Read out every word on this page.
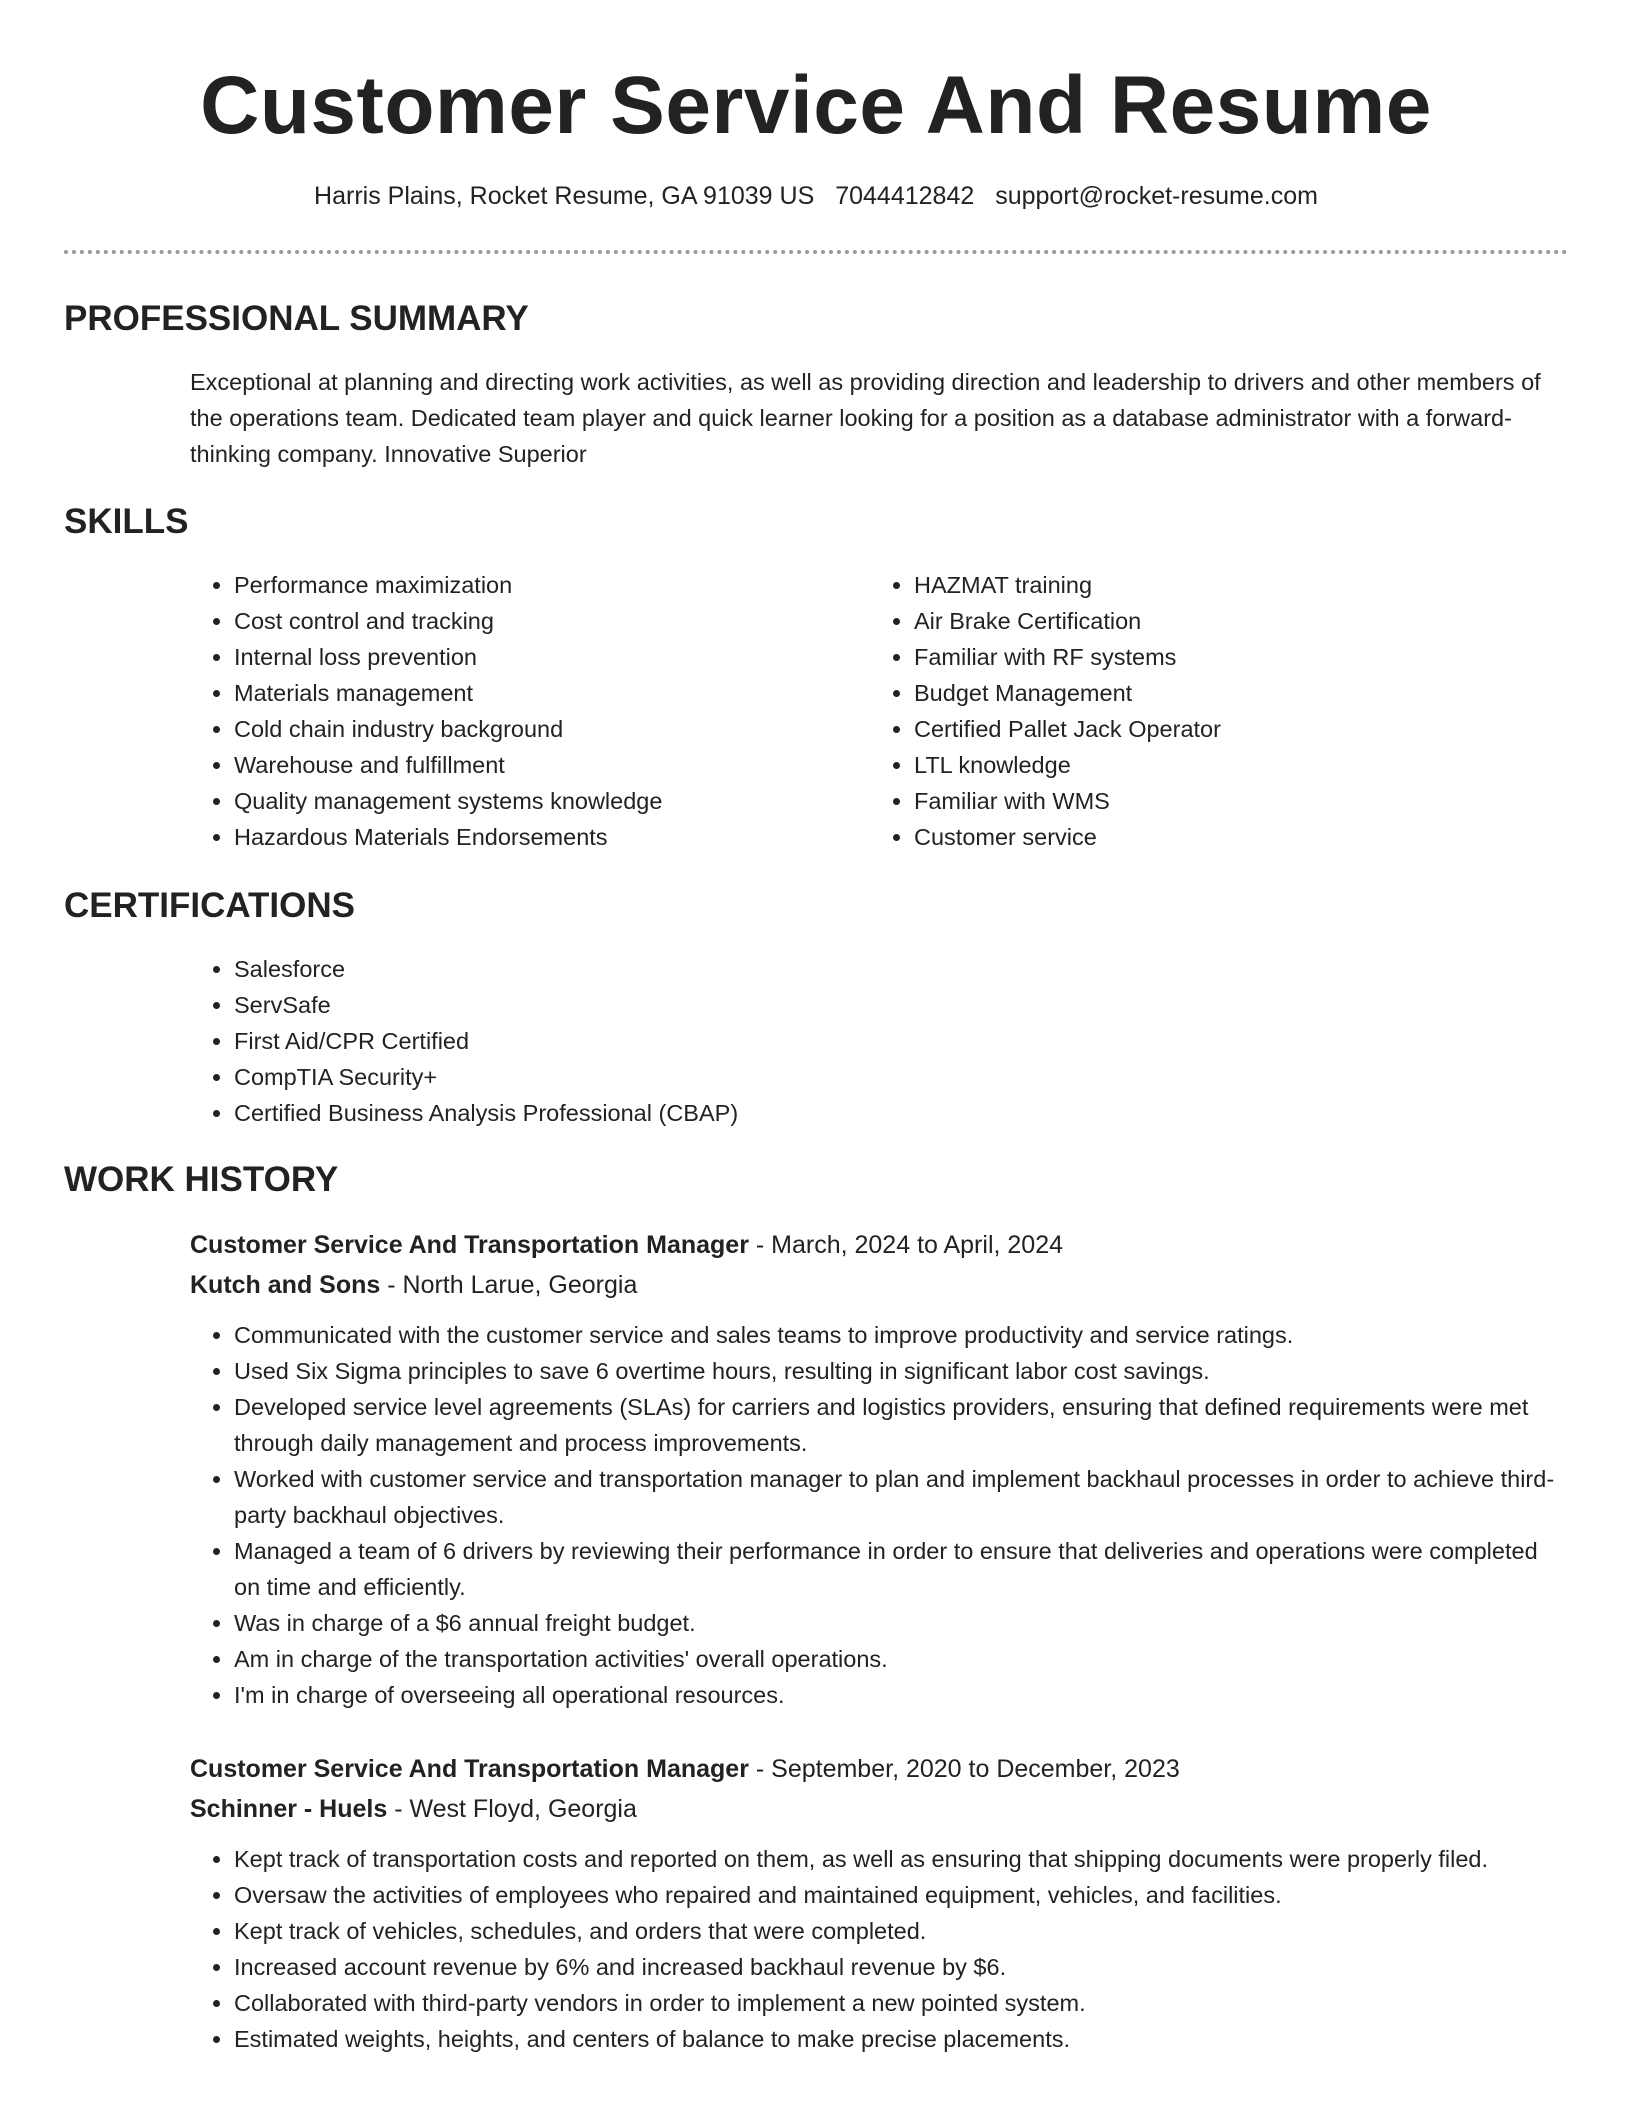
Customer Service And Resume
Harris Plains, Rocket Resume, GA 91039 US 7044412842 support@rocket-resume.com
PROFESSIONAL SUMMARY

Exceptional at planning and directing work activities, as well as providing direction and leadership to drivers and other members of the operations team. Dedicated team player and quick learner looking for a position as a database administrator with a forward-thinking company. Innovative Superior

SKILLS
• Performance maximization
• Cost control and tracking
• Internal loss prevention
• Materials management
• Cold chain industry background
• Warehouse and fulfillment
• Quality management systems knowledge
• Hazardous Materials Endorsements
• HAZMAT training
• Air Brake Certification
• Familiar with RF systems
• Budget Management
• Certified Pallet Jack Operator
• LTL knowledge
• Familiar with WMS
• Customer service
CERTIFICATIONS
• Salesforce
• ServSafe
• First Aid/CPR Certified
• CompTIA Security+
• Certified Business Analysis Professional (CBAP)
WORK HISTORY

Customer Service And Transportation Manager - March, 2024 to April, 2024

Kutch and Sons - North Larue, Georgia

• Communicated with the customer service and sales teams to improve productivity and service ratings.
• Used Six Sigma principles to save 6 overtime hours, resulting in significant labor cost savings.
• Developed service level agreements (SLAs) for carriers and logistics providers, ensuring that defined requirements were met through daily management and process improvements.
• Worked with customer service and transportation manager to plan and implement backhaul processes in order to achieve third-party backhaul objectives.
• Managed a team of 6 drivers by reviewing their performance in order to ensure that deliveries and operations were completed on time and efficiently.
• Was in charge of a $6 annual freight budget.
• Am in charge of the transportation activities' overall operations.
• I'm in charge of overseeing all operational resources.

Customer Service And Transportation Manager - September, 2020 to December, 2023

Schinner - Huels - West Floyd, Georgia

• Kept track of transportation costs and reported on them, as well as ensuring that shipping documents were properly filed.
• Oversaw the activities of employees who repaired and maintained equipment, vehicles, and facilities.
• Kept track of vehicles, schedules, and orders that were completed.
• Increased account revenue by 6% and increased backhaul revenue by $6.
• Collaborated with third-party vendors in order to implement a new pointed system.
• Estimated weights, heights, and centers of balance to make precise placements.
